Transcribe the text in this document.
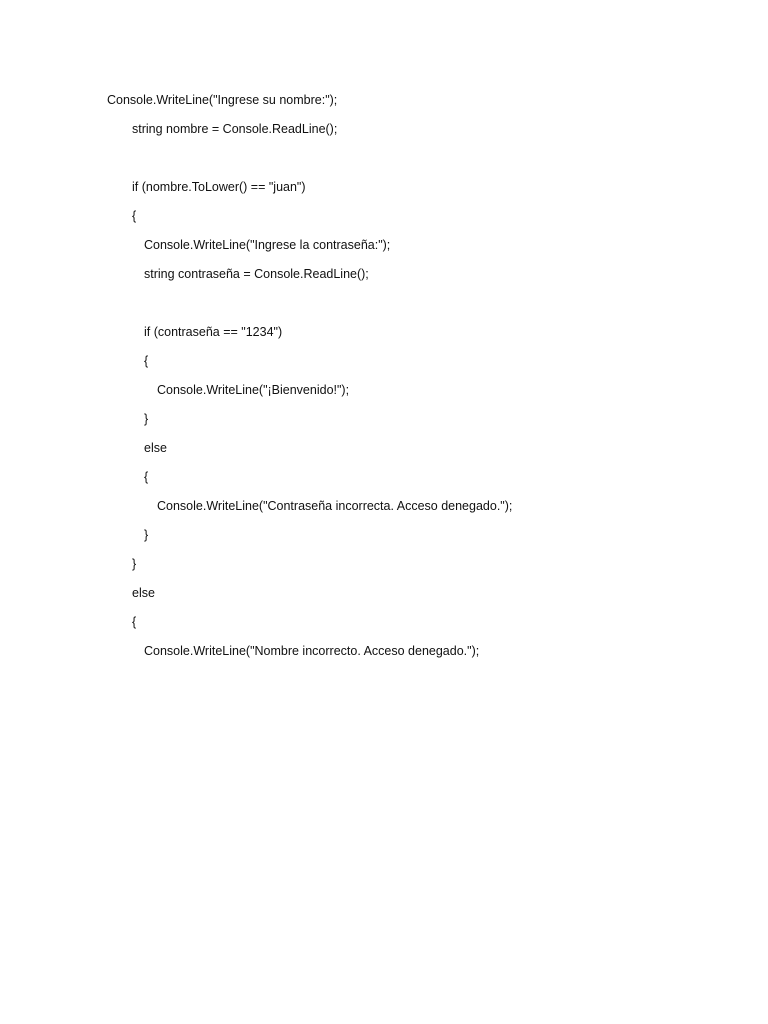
Console.WriteLine("Ingrese su nombre:");
string nombre = Console.ReadLine();
if (nombre.ToLower() == "juan")
{
Console.WriteLine("Ingrese la contraseña:");
string contraseña = Console.ReadLine();
if (contraseña == "1234")
{
Console.WriteLine("¡Bienvenido!");
}
else
{
Console.WriteLine("Contraseña incorrecta. Acceso denegado.");
}
}
else
{
Console.WriteLine("Nombre incorrecto. Acceso denegado.");
